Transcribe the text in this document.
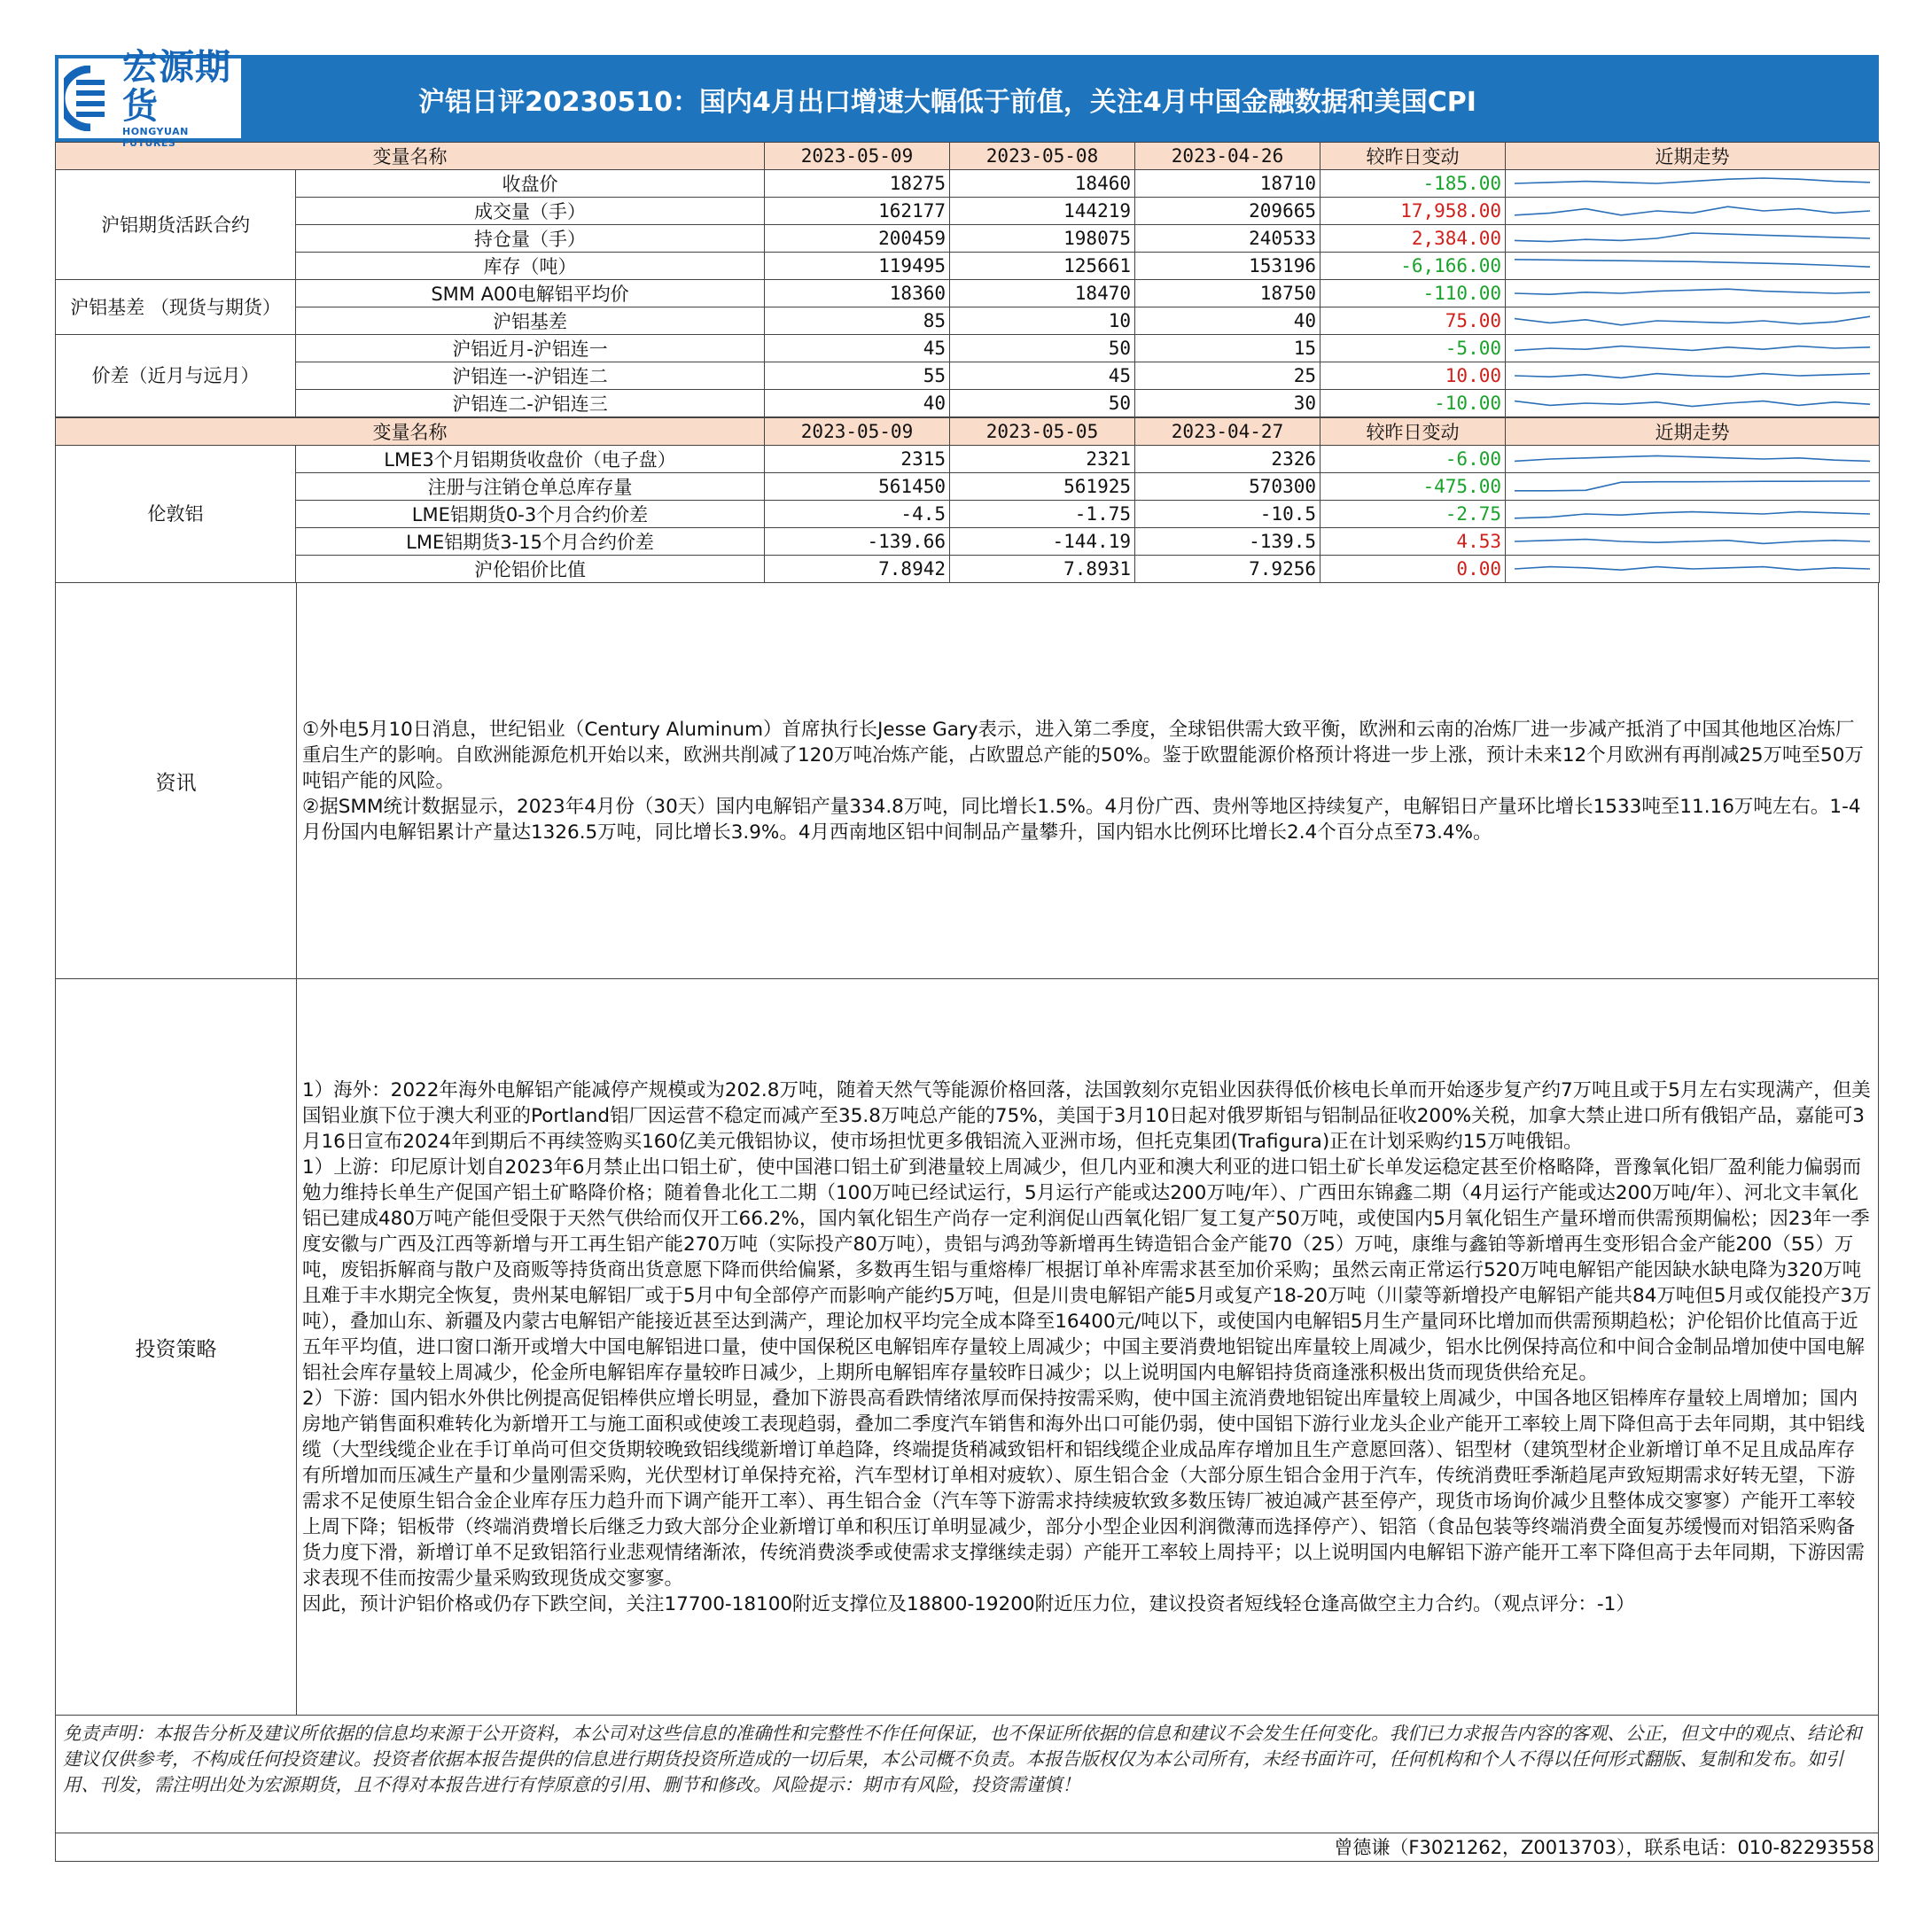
宏源期货
HONGYUAN FUTURES
沪铝日评20230510：国内4月出口增速大幅低于前值，关注4月中国金融数据和美国CPI
变量名称		2023-05-09	2023-05-08	2023-04-26	较昨日变动	近期走势
沪铝期货活跃合约	收盘价	18275	18460	18710	-185.00	

	成交量（手）	162177	144219	209665	17,958.00	

	持仓量（手）	200459	198075	240533	2,384.00	

	库存（吨）	119495	125661	153196	-6,166.00	

沪铝基差 （现货与期货）	SMM A00电解铝平均价	18360	18470	18750	-110.00	

	沪铝基差	85	10	40	75.00	

价差（近月与远月）	沪铝近月-沪铝连一	45	50	15	-5.00	

	沪铝连一-沪铝连二	55	45	25	10.00	

	沪铝连二-沪铝连三	40	50	30	-10.00	
变量名称		2023-05-09	2023-05-05	2023-04-27	较昨日变动	近期走势
伦敦铝	LME3个月铝期货收盘价（电子盘）	2315	2321	2326	-6.00	

	注册与注销仓单总库存量	561450	561925	570300	-475.00	

	LME铝期货0-3个月合约价差	-4.5	-1.75	-10.5	-2.75	

	LME铝期货3-15个月合约价差	-139.66	-144.19	-139.5	4.53	

	沪伦铝价比值	7.8942	7.8931	7.9256	0.00	
资讯

①外电5月10日消息，世纪铝业（Century Aluminum）首席执行长Jesse Gary表示，进入第二季度，全球铝供需大致平衡，欧洲和云南的冶炼厂进一步减产抵消了中国其他地区冶炼厂重启生产的影响。自欧洲能源危机开始以来，欧洲共削减了120万吨冶炼产能，占欧盟总产能的50%。鉴于欧盟能源价格预计将进一步上涨，预计未来12个月欧洲有再削减25万吨至50万吨铝产能的风险。

②据SMM统计数据显示，2023年4月份（30天）国内电解铝产量334.8万吨，同比增长1.5%。4月份广西、贵州等地区持续复产，电解铝日产量环比增长1533吨至11.16万吨左右。1-4月份国内电解铝累计产量达1326.5万吨，同比增长3.9%。4月西南地区铝中间制品产量攀升，国内铝水比例环比增长2.4个百分点至73.4%。

投资策略

1）海外：2022年海外电解铝产能减停产规模或为202.8万吨，随着天然气等能源价格回落，法国敦刻尔克铝业因获得低价核电长单而开始逐步复产约7万吨且或于5月左右实现满产，但美国铝业旗下位于澳大利亚的Portland铝厂因运营不稳定而减产至35.8万吨总产能的75%，美国于3月10日起对俄罗斯铝与铝制品征收200%关税，加拿大禁止进口所有俄铝产品，嘉能可3月16日宣布2024年到期后不再续签购买160亿美元俄铝协议，使市场担忧更多俄铝流入亚洲市场，但托克集团(Trafigura)正在计划采购约15万吨俄铝。

1）上游：印尼原计划自2023年6月禁止出口铝土矿，使中国港口铝土矿到港量较上周减少，但几内亚和澳大利亚的进口铝土矿长单发运稳定甚至价格略降，晋豫氧化铝厂盈利能力偏弱而勉力维持长单生产促国产铝土矿略降价格；随着鲁北化工二期（100万吨已经试运行，5月运行产能或达200万吨/年）、广西田东锦鑫二期（4月运行产能或达200万吨/年）、河北文丰氧化铝已建成480万吨产能但受限于天然气供给而仅开工66.2%，国内氧化铝生产尚存一定利润促山西氧化铝厂复工复产50万吨，或使国内5月氧化铝生产量环增而供需预期偏松；因23年一季度安徽与广西及江西等新增与开工再生铝产能270万吨（实际投产80万吨），贵铝与鸿劲等新增再生铸造铝合金产能70（25）万吨，康维与鑫铂等新增再生变形铝合金产能200（55）万吨，废铝拆解商与散户及商贩等持货商出货意愿下降而供给偏紧，多数再生铝与重熔棒厂根据订单补库需求甚至加价采购；虽然云南正常运行520万吨电解铝产能因缺水缺电降为320万吨且难于丰水期完全恢复，贵州某电解铝厂或于5月中旬全部停产而影响产能约5万吨，但是川贵电解铝产能5月或复产18-20万吨（川蒙等新增投产电解铝产能共84万吨但5月或仅能投产3万吨），叠加山东、新疆及内蒙古电解铝产能接近甚至达到满产，理论加权平均完全成本降至16400元/吨以下，或使国内电解铝5月生产量同环比增加而供需预期趋松；沪伦铝价比值高于近五年平均值，进口窗口渐开或增大中国电解铝进口量，使中国保税区电解铝库存量较上周减少；中国主要消费地铝锭出库量较上周减少，铝水比例保持高位和中间合金制品增加使中国电解铝社会库存量较上周减少，伦金所电解铝库存量较昨日减少，上期所电解铝库存量较昨日减少；以上说明国内电解铝持货商逢涨积极出货而现货供给充足。

2）下游：国内铝水外供比例提高促铝棒供应增长明显，叠加下游畏高看跌情绪浓厚而保持按需采购，使中国主流消费地铝锭出库量较上周减少，中国各地区铝棒库存量较上周增加；国内房地产销售面积难转化为新增开工与施工面积或使竣工表现趋弱，叠加二季度汽车销售和海外出口可能仍弱，使中国铝下游行业龙头企业产能开工率较上周下降但高于去年同期，其中铝线缆（大型线缆企业在手订单尚可但交货期较晚致铝线缆新增订单趋降，终端提货稍减致铝杆和铝线缆企业成品库存增加且生产意愿回落）、铝型材（建筑型材企业新增订单不足且成品库存有所增加而压减生产量和少量刚需采购，光伏型材订单保持充裕，汽车型材订单相对疲软）、原生铝合金（大部分原生铝合金用于汽车，传统消费旺季渐趋尾声致短期需求好转无望，下游需求不足使原生铝合金企业库存压力趋升而下调产能开工率）、再生铝合金（汽车等下游需求持续疲软致多数压铸厂被迫减产甚至停产，现货市场询价减少且整体成交寥寥）产能开工率较上周下降；铝板带（终端消费增长后继乏力致大部分企业新增订单和积压订单明显减少，部分小型企业因利润微薄而选择停产）、铝箔（食品包装等终端消费全面复苏缓慢而对铝箔采购备货力度下滑，新增订单不足致铝箔行业悲观情绪渐浓，传统消费淡季或使需求支撑继续走弱）产能开工率较上周持平；以上说明国内电解铝下游产能开工率下降但高于去年同期，下游因需求表现不佳而按需少量采购致现货成交寥寥。

因此，预计沪铝价格或仍存下跌空间，关注17700-18100附近支撑位及18800-19200附近压力位，建议投资者短线轻仓逢高做空主力合约。（观点评分：-1）

免责声明：本报告分析及建议所依据的信息均来源于公开资料，本公司对这些信息的准确性和完整性不作任何保证，也不保证所依据的信息和建议不会发生任何变化。我们已力求报告内容的客观、公正，但文中的观点、结论和建议仅供参考，不构成任何投资建议。投资者依据本报告提供的信息进行期货投资所造成的一切后果，本公司概不负责。本报告版权仅为本公司所有，未经书面许可，任何机构和个人不得以任何形式翻版、复制和发布。如引用、刊发，需注明出处为宏源期货，且不得对本报告进行有悖原意的引用、删节和修改。风险提示：期市有风险，投资需谨慎！
曾德谦（F3021262，Z0013703），联系电话：010-82293558
